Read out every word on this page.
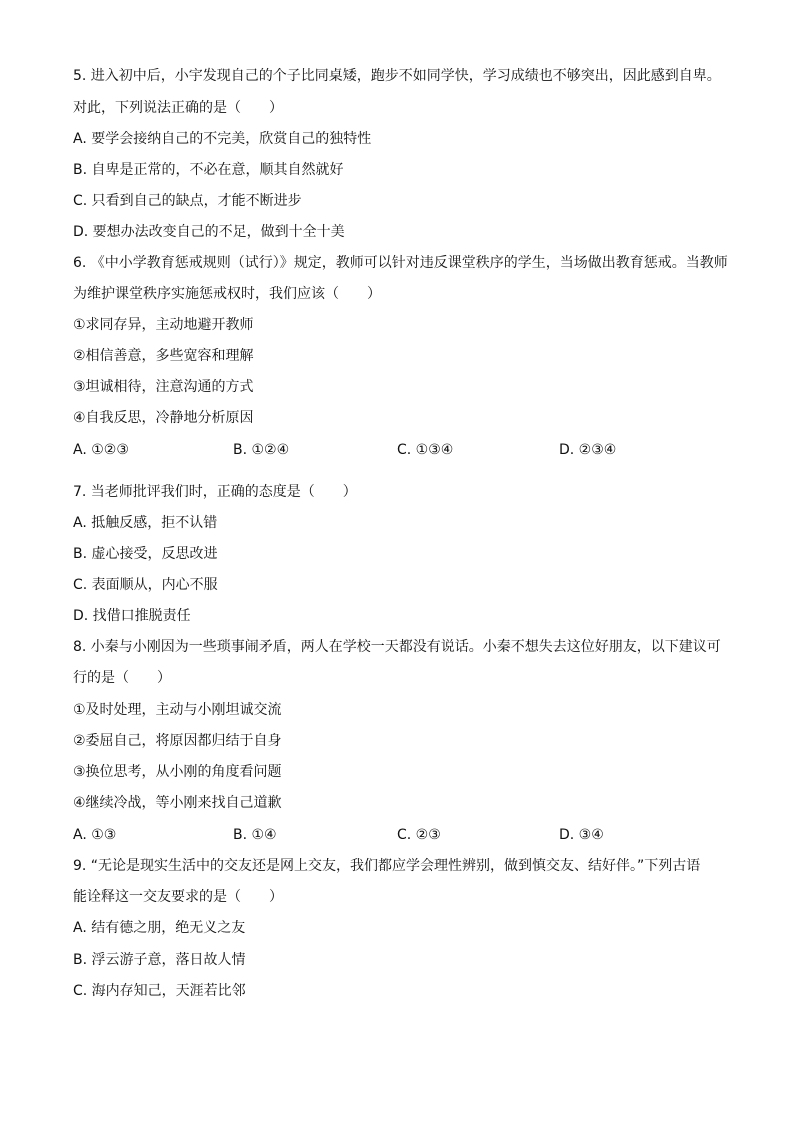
5. 进入初中后，小宇发现自己的个子比同桌矮，跑步不如同学快，学习成绩也不够突出，因此感到自卑。
对此，下列说法正确的是（　　）
A. 要学会接纳自己的不完美，欣赏自己的独特性
B. 自卑是正常的，不必在意，顺其自然就好
C. 只看到自己的缺点，才能不断进步
D. 要想办法改变自己的不足，做到十全十美
6. 《中小学教育惩戒规则（试行）》规定，教师可以针对违反课堂秩序的学生，当场做出教育惩戒。当教师
为维护课堂秩序实施惩戒权时，我们应该（　　）
①求同存异，主动地避开教师
②相信善意，多些宽容和理解
③坦诚相待，注意沟通的方式
④自我反思，冷静地分析原因
A. ①②③	B. ①②④	C. ①③④	D. ②③④
7. 当老师批评我们时，正确的态度是（　　）
A. 抵触反感，拒不认错
B. 虚心接受，反思改进
C. 表面顺从，内心不服
D. 找借口推脱责任
8. 小秦与小刚因为一些琐事闹矛盾，两人在学校一天都没有说话。小秦不想失去这位好朋友，以下建议可
行的是（　　）
①及时处理，主动与小刚坦诚交流
②委屈自己，将原因都归结于自身
③换位思考，从小刚的角度看问题
④继续冷战，等小刚来找自己道歉
A. ①③	B. ①④	C. ②③	D. ③④
9. “无论是现实生活中的交友还是网上交友，我们都应学会理性辨别，做到慎交友、结好伴。”下列古语
能诠释这一交友要求的是（　　）
A. 结有德之朋，绝无义之友
B. 浮云游子意，落日故人情
C. 海内存知己，天涯若比邻
